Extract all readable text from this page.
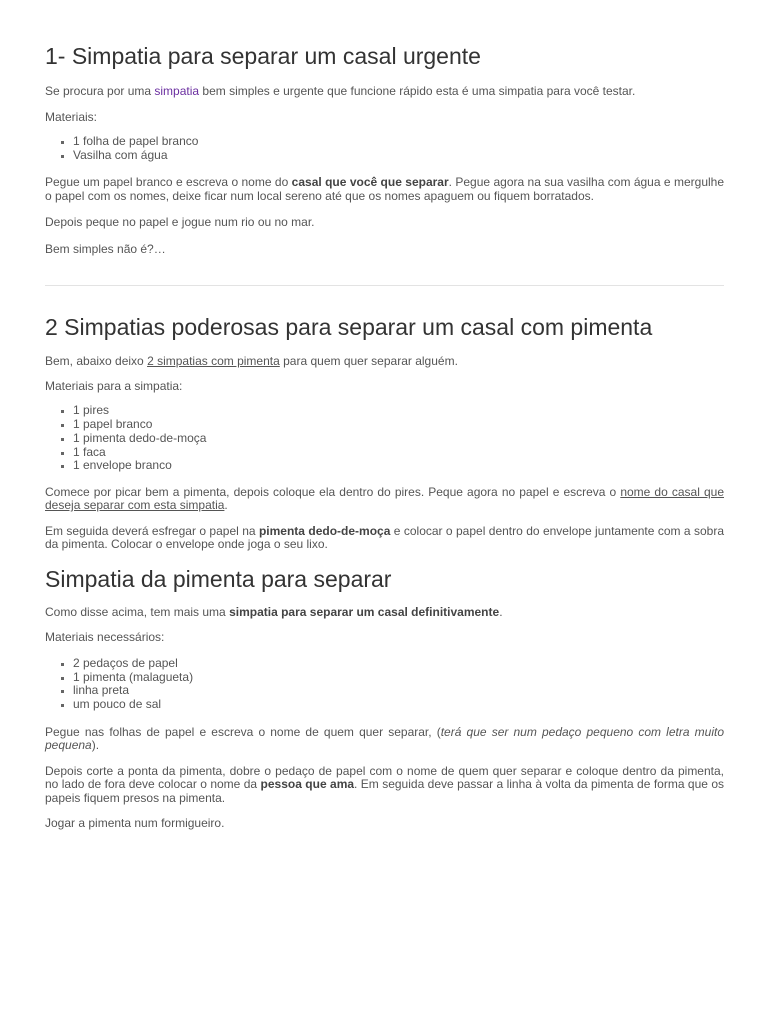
1- Simpatia para separar um casal urgente

Se procura por uma simpatia bem simples e urgente que funcione rápido esta é uma simpatia para você testar.

Materiais:

▪ 1 folha de papel branco
▪ Vasilha com água

Pegue um papel branco e escreva o nome do casal que você que separar. Pegue agora na sua vasilha com água e mergulhe o papel com os nomes, deixe ficar num local sereno até que os nomes apaguem ou fiquem borratados.

Depois peque no papel e jogue num rio ou no mar.

Bem simples não é?…

2 Simpatias poderosas para separar um casal com pimenta

Bem, abaixo deixo 2 simpatias com pimenta para quem quer separar alguém.

Materiais para a simpatia:

▪ 1 pires
▪ 1 papel branco
▪ 1 pimenta dedo-de-moça
▪ 1 faca
▪ 1 envelope branco

Comece por picar bem a pimenta, depois coloque ela dentro do pires. Peque agora no papel e escreva o nome do casal que deseja separar com esta simpatia.

Em seguida deverá esfregar o papel na pimenta dedo-de-moça e colocar o papel dentro do envelope juntamente com a sobra da pimenta. Colocar o envelope onde joga o seu lixo.

Simpatia da pimenta para separar

Como disse acima, tem mais uma simpatia para separar um casal definitivamente.

Materiais necessários:

▪ 2 pedaços de papel
▪ 1 pimenta (malagueta)
▪ linha preta
▪ um pouco de sal

Pegue nas folhas de papel e escreva o nome de quem quer separar, (terá que ser num pedaço pequeno com letra muito pequena).

Depois corte a ponta da pimenta, dobre o pedaço de papel com o nome de quem quer separar e coloque dentro da pimenta, no lado de fora deve colocar o nome da pessoa que ama. Em seguida deve passar a linha à volta da pimenta de forma que os papeis fiquem presos na pimenta.

Jogar a pimenta num formigueiro.
